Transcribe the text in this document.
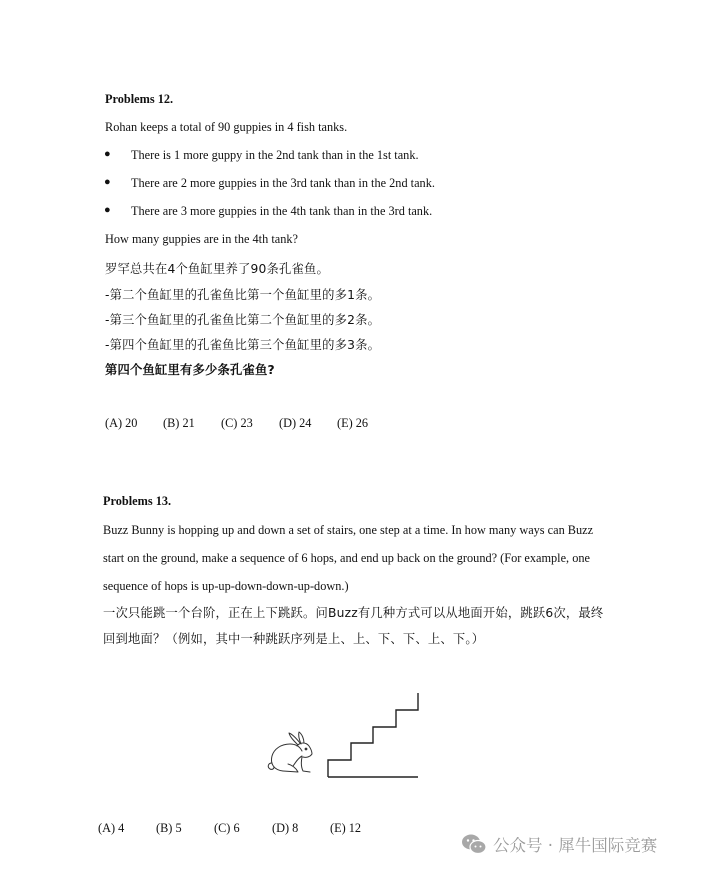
Problems 12.
Rohan keeps a total of 90 guppies in 4 fish tanks.
● There is 1 more guppy in the 2nd tank than in the 1st tank.
● There are 2 more guppies in the 3rd tank than in the 2nd tank.
● There are 3 more guppies in the 4th tank than in the 3rd tank.
How many guppies are in the 4th tank?
罗罕总共在4个鱼缸里养了90条孔雀鱼。
-第二个鱼缸里的孔雀鱼比第一个鱼缸里的多1条。
-第三个鱼缸里的孔雀鱼比第二个鱼缸里的多2条。
-第四个鱼缸里的孔雀鱼比第三个鱼缸里的多3条。
第四个鱼缸里有多少条孔雀鱼?
(A) 20 (B) 21 (C) 23 (D) 24 (E) 26
Problems 13.
Buzz Bunny is hopping up and down a set of stairs, one step at a time. In how many ways can Buzz
start on the ground, make a sequence of 6 hops, and end up back on the ground? (For example, one
sequence of hops is up-up-down-down-up-down.)
一次只能跳一个台阶，正在上下跳跃。问Buzz有几种方式可以从地面开始，跳跃6次，最终
回到地面？（例如，其中一种跳跃序列是上、上、下、下、上、下。）
(A) 4	(B) 5	(C) 6	(D) 8	(E) 12
公众号 · 犀牛国际竞赛
